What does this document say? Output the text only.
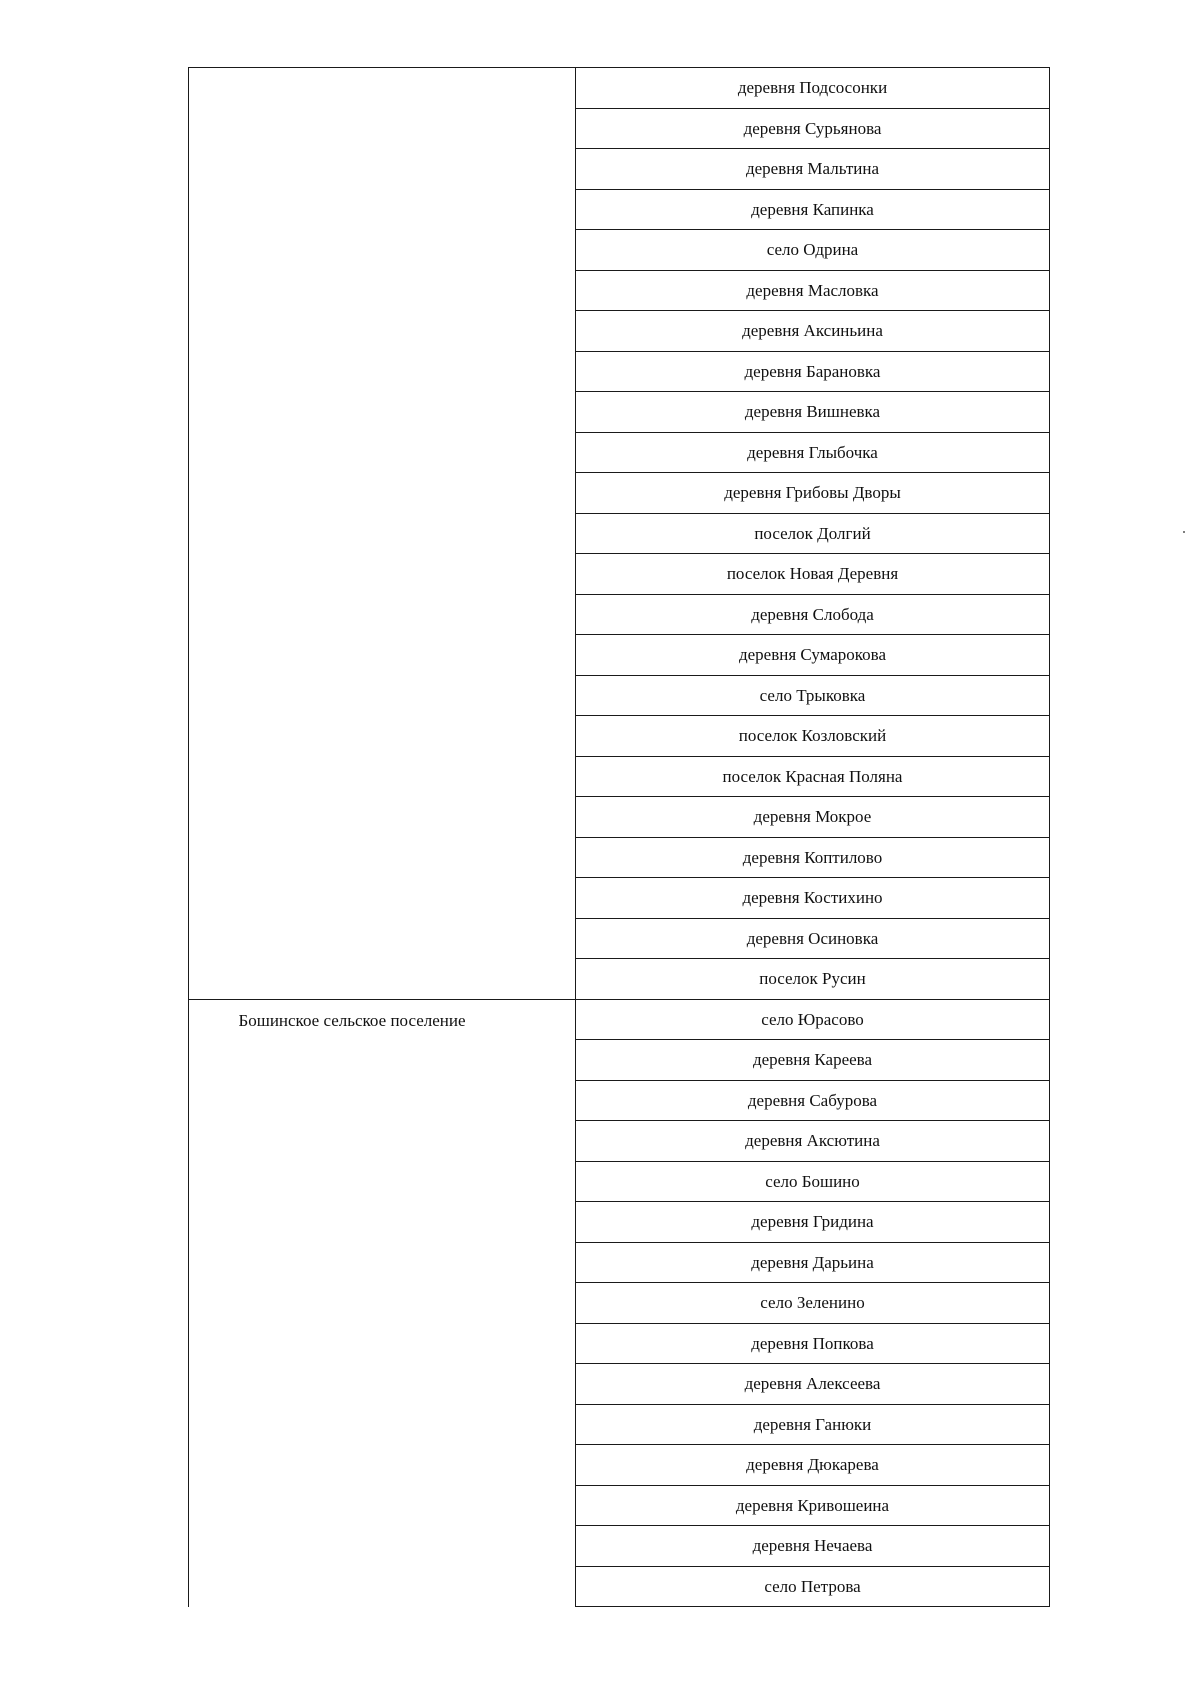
	деревня Подсосонки
	деревня Сурьянова
	деревня Мальтина
	деревня Капинка
	село Одрина
	деревня Масловка
	деревня Аксиньина
	деревня Барановка
	деревня Вишневка
	деревня Глыбочка
	деревня Грибовы Дворы
	поселок Долгий
	поселок Новая Деревня
	деревня Слобода
	деревня Сумарокова
	село Трыковка
	поселок Козловский
	поселок Красная Поляна
	деревня Мокрое
	деревня Коптилово
	деревня Костихино
	деревня Осиновка
	поселок Русин
Бошинское сельское поселение	село Юрасово
	деревня Кареева
	деревня Сабурова
	деревня Аксютина
	село Бошино
	деревня Гридина
	деревня Дарьина
	село Зеленино
	деревня Попкова
	деревня Алексеева
	деревня Ганюки
	деревня Дюкарева
	деревня Кривошеина
	деревня Нечаева
	село Петрова
